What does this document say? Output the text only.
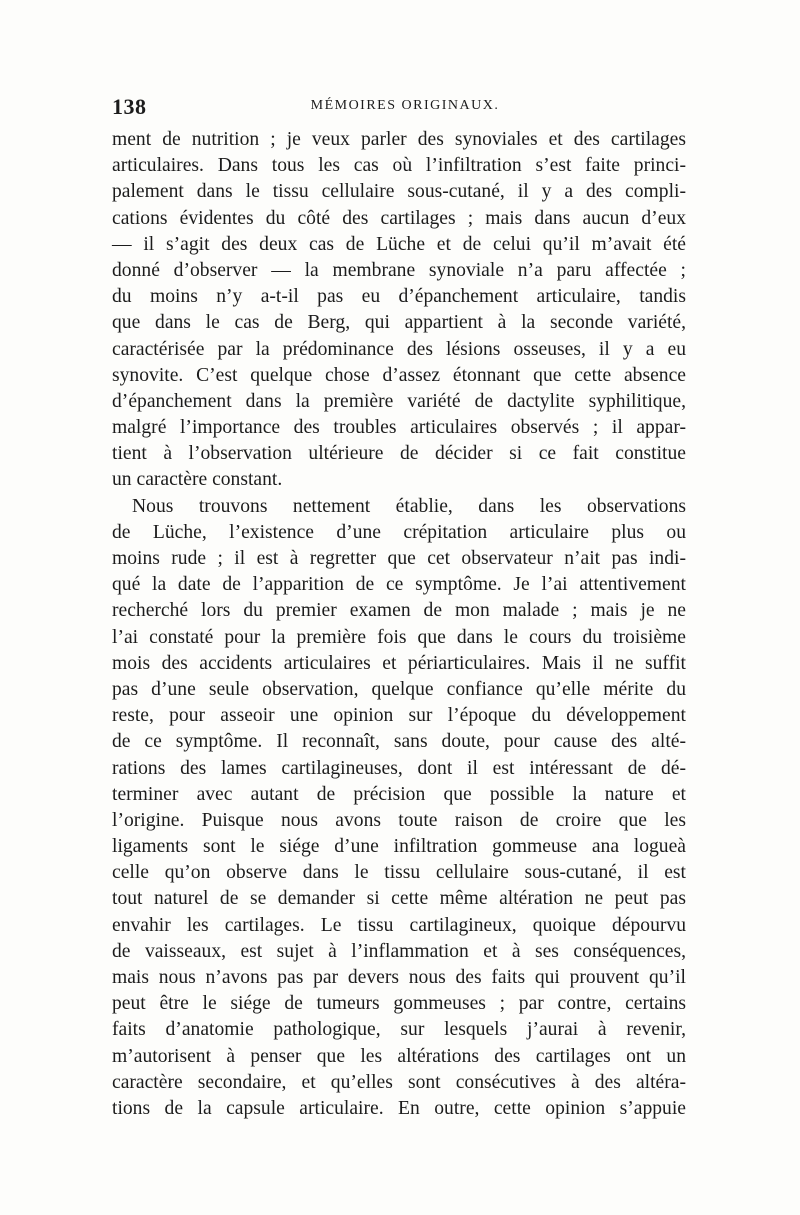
138	MÉMOIRES ORIGINAUX.
ment de nutrition ; je veux parler des synoviales et des cartilages
articulaires. Dans tous les cas où l’infiltration s’est faite princi-
palement dans le tissu cellulaire sous-cutané, il y a des compli-
cations évidentes du côté des cartilages ; mais dans aucun d’eux
— il s’agit des deux cas de Lüche et de celui qu’il m’avait été
donné d’observer — la membrane synoviale n’a paru affectée ;
du moins n’y a-t-il pas eu d’épanchement articulaire, tandis
que dans le cas de Berg, qui appartient à la seconde variété,
caractérisée par la prédominance des lésions osseuses, il y a eu
synovite. C’est quelque chose d’assez étonnant que cette absence
d’épanchement dans la première variété de dactylite syphilitique,
malgré l’importance des troubles articulaires observés ; il appar-
tient à l’observation ultérieure de décider si ce fait constitue
un caractère constant.
Nous trouvons nettement établie, dans les observations
de Lüche, l’existence d’une crépitation articulaire plus ou
moins rude ; il est à regretter que cet observateur n’ait pas indi-
qué la date de l’apparition de ce symptôme. Je l’ai attentivement
recherché lors du premier examen de mon malade ; mais je ne
l’ai constaté pour la première fois que dans le cours du troisième
mois des accidents articulaires et périarticulaires. Mais il ne suffit
pas d’une seule observation, quelque confiance qu’elle mérite du
reste, pour asseoir une opinion sur l’époque du développement
de ce symptôme. Il reconnaît, sans doute, pour cause des alté-
rations des lames cartilagineuses, dont il est intéressant de dé-
terminer avec autant de précision que possible la nature et
l’origine. Puisque nous avons toute raison de croire que les
ligaments sont le siége d’une infiltration gommeuse ana logueà
celle qu’on observe dans le tissu cellulaire sous-cutané, il est
tout naturel de se demander si cette même altération ne peut pas
envahir les cartilages. Le tissu cartilagineux, quoique dépourvu
de vaisseaux, est sujet à l’inflammation et à ses conséquences,
mais nous n’avons pas par devers nous des faits qui prouvent qu’il
peut être le siége de tumeurs gommeuses ; par contre, certains
faits d’anatomie pathologique, sur lesquels j’aurai à revenir,
m’autorisent à penser que les altérations des cartilages ont un
caractère secondaire, et qu’elles sont consécutives à des altéra-
tions de la capsule articulaire. En outre, cette opinion s’appuie
